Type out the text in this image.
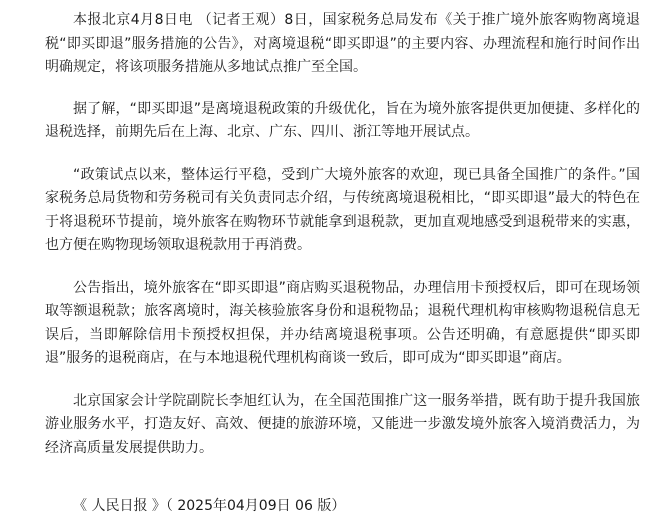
本报北京4月8日电 （记者王观）8日，国家税务总局发布《关于推广境外旅客购物离境退税“即买即退”服务措施的公告》，对离境退税“即买即退”的主要内容、办理流程和施行时间作出明确规定，将该项服务措施从多地试点推广至全国。

据了解，“即买即退”是离境退税政策的升级优化，旨在为境外旅客提供更加便捷、多样化的退税选择，前期先后在上海、北京、广东、四川、浙江等地开展试点。

“政策试点以来，整体运行平稳，受到广大境外旅客的欢迎，现已具备全国推广的条件。”国家税务总局货物和劳务税司有关负责同志介绍，与传统离境退税相比，“即买即退”最大的特色在于将退税环节提前，境外旅客在购物环节就能拿到退税款，更加直观地感受到退税带来的实惠，也方便在购物现场领取退税款用于再消费。

公告指出，境外旅客在“即买即退”商店购买退税物品，办理信用卡预授权后，即可在现场领取等额退税款；旅客离境时，海关核验旅客身份和退税物品；退税代理机构审核购物退税信息无误后，当即解除信用卡预授权担保，并办结离境退税事项。公告还明确，有意愿提供“即买即退”服务的退税商店，在与本地退税代理机构商谈一致后，即可成为“即买即退”商店。

北京国家会计学院副院长李旭红认为，在全国范围推广这一服务举措，既有助于提升我国旅游业服务水平，打造友好、高效、便捷的旅游环境，又能进一步激发境外旅客入境消费活力，为经济高质量发展提供助力。

《 人民日报 》（ 2025年04月09日 06 版）
